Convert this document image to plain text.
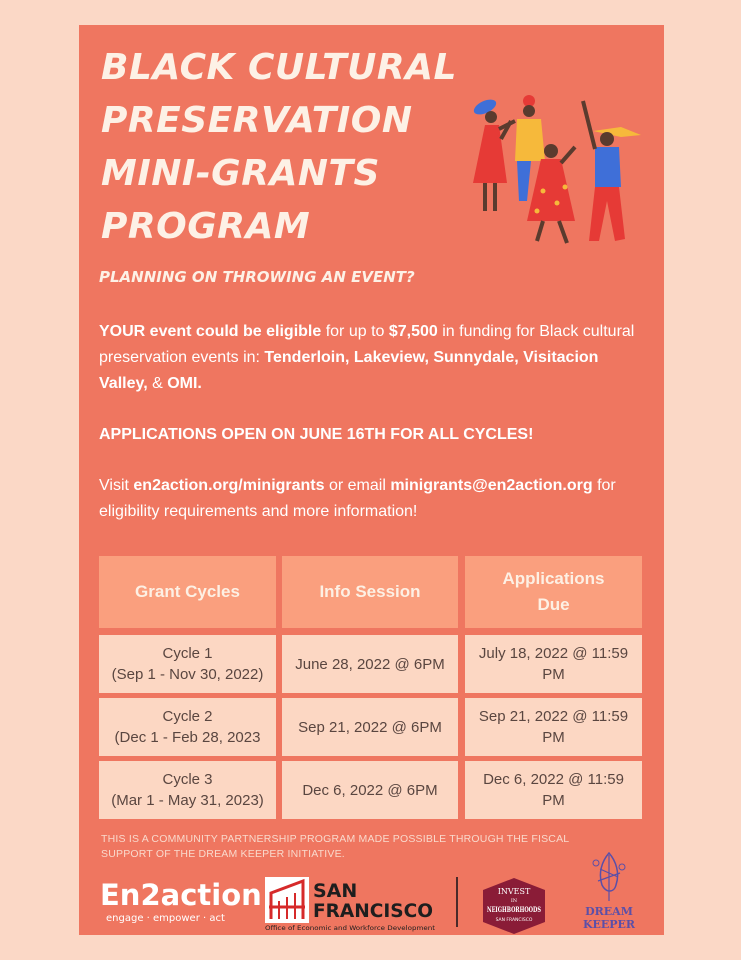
BLACK CULTURAL
PRESERVATION
MINI-GRANTS
PROGRAM

PLANNING ON THROWING AN EVENT?

YOUR event could be eligible for up to $7,500 in funding for Black cultural preservation events in: Tenderloin, Lakeview, Sunnydale, Visitacion Valley, & OMI.

APPLICATIONS OPEN ON JUNE 16TH FOR ALL CYCLES!

Visit en2action.org/minigrants or email minigrants@en2action.org for eligibility requirements and more information!

Grant Cycles	Info Session
Applications Due
Cycle 1
(Sep 1 - Nov 30, 2022)
June 28, 2022 @ 6PM
July 18, 2022 @ 11:59 PM
Cycle 2
(Dec 1 - Feb 28, 2023
Sep 21, 2022 @ 6PM
Sep 21, 2022 @ 11:59 PM
Cycle 3
(Mar 1 - May 31, 2023)
Dec 6, 2022 @ 6PM
Dec 6, 2022 @ 11:59 PM

THIS IS A COMMUNITY PARTNERSHIP PROGRAM MADE POSSIBLE THROUGH THE FISCAL SUPPORT OF THE DREAM KEEPER INITIATIVE.

En2action
engage · empower · act
SAN
FRANCISCO
Office of Economic and Workforce Development
INVEST
IN
NEIGHBORHOODS
SAN FRANCISCO
DREAM
KEEPER
